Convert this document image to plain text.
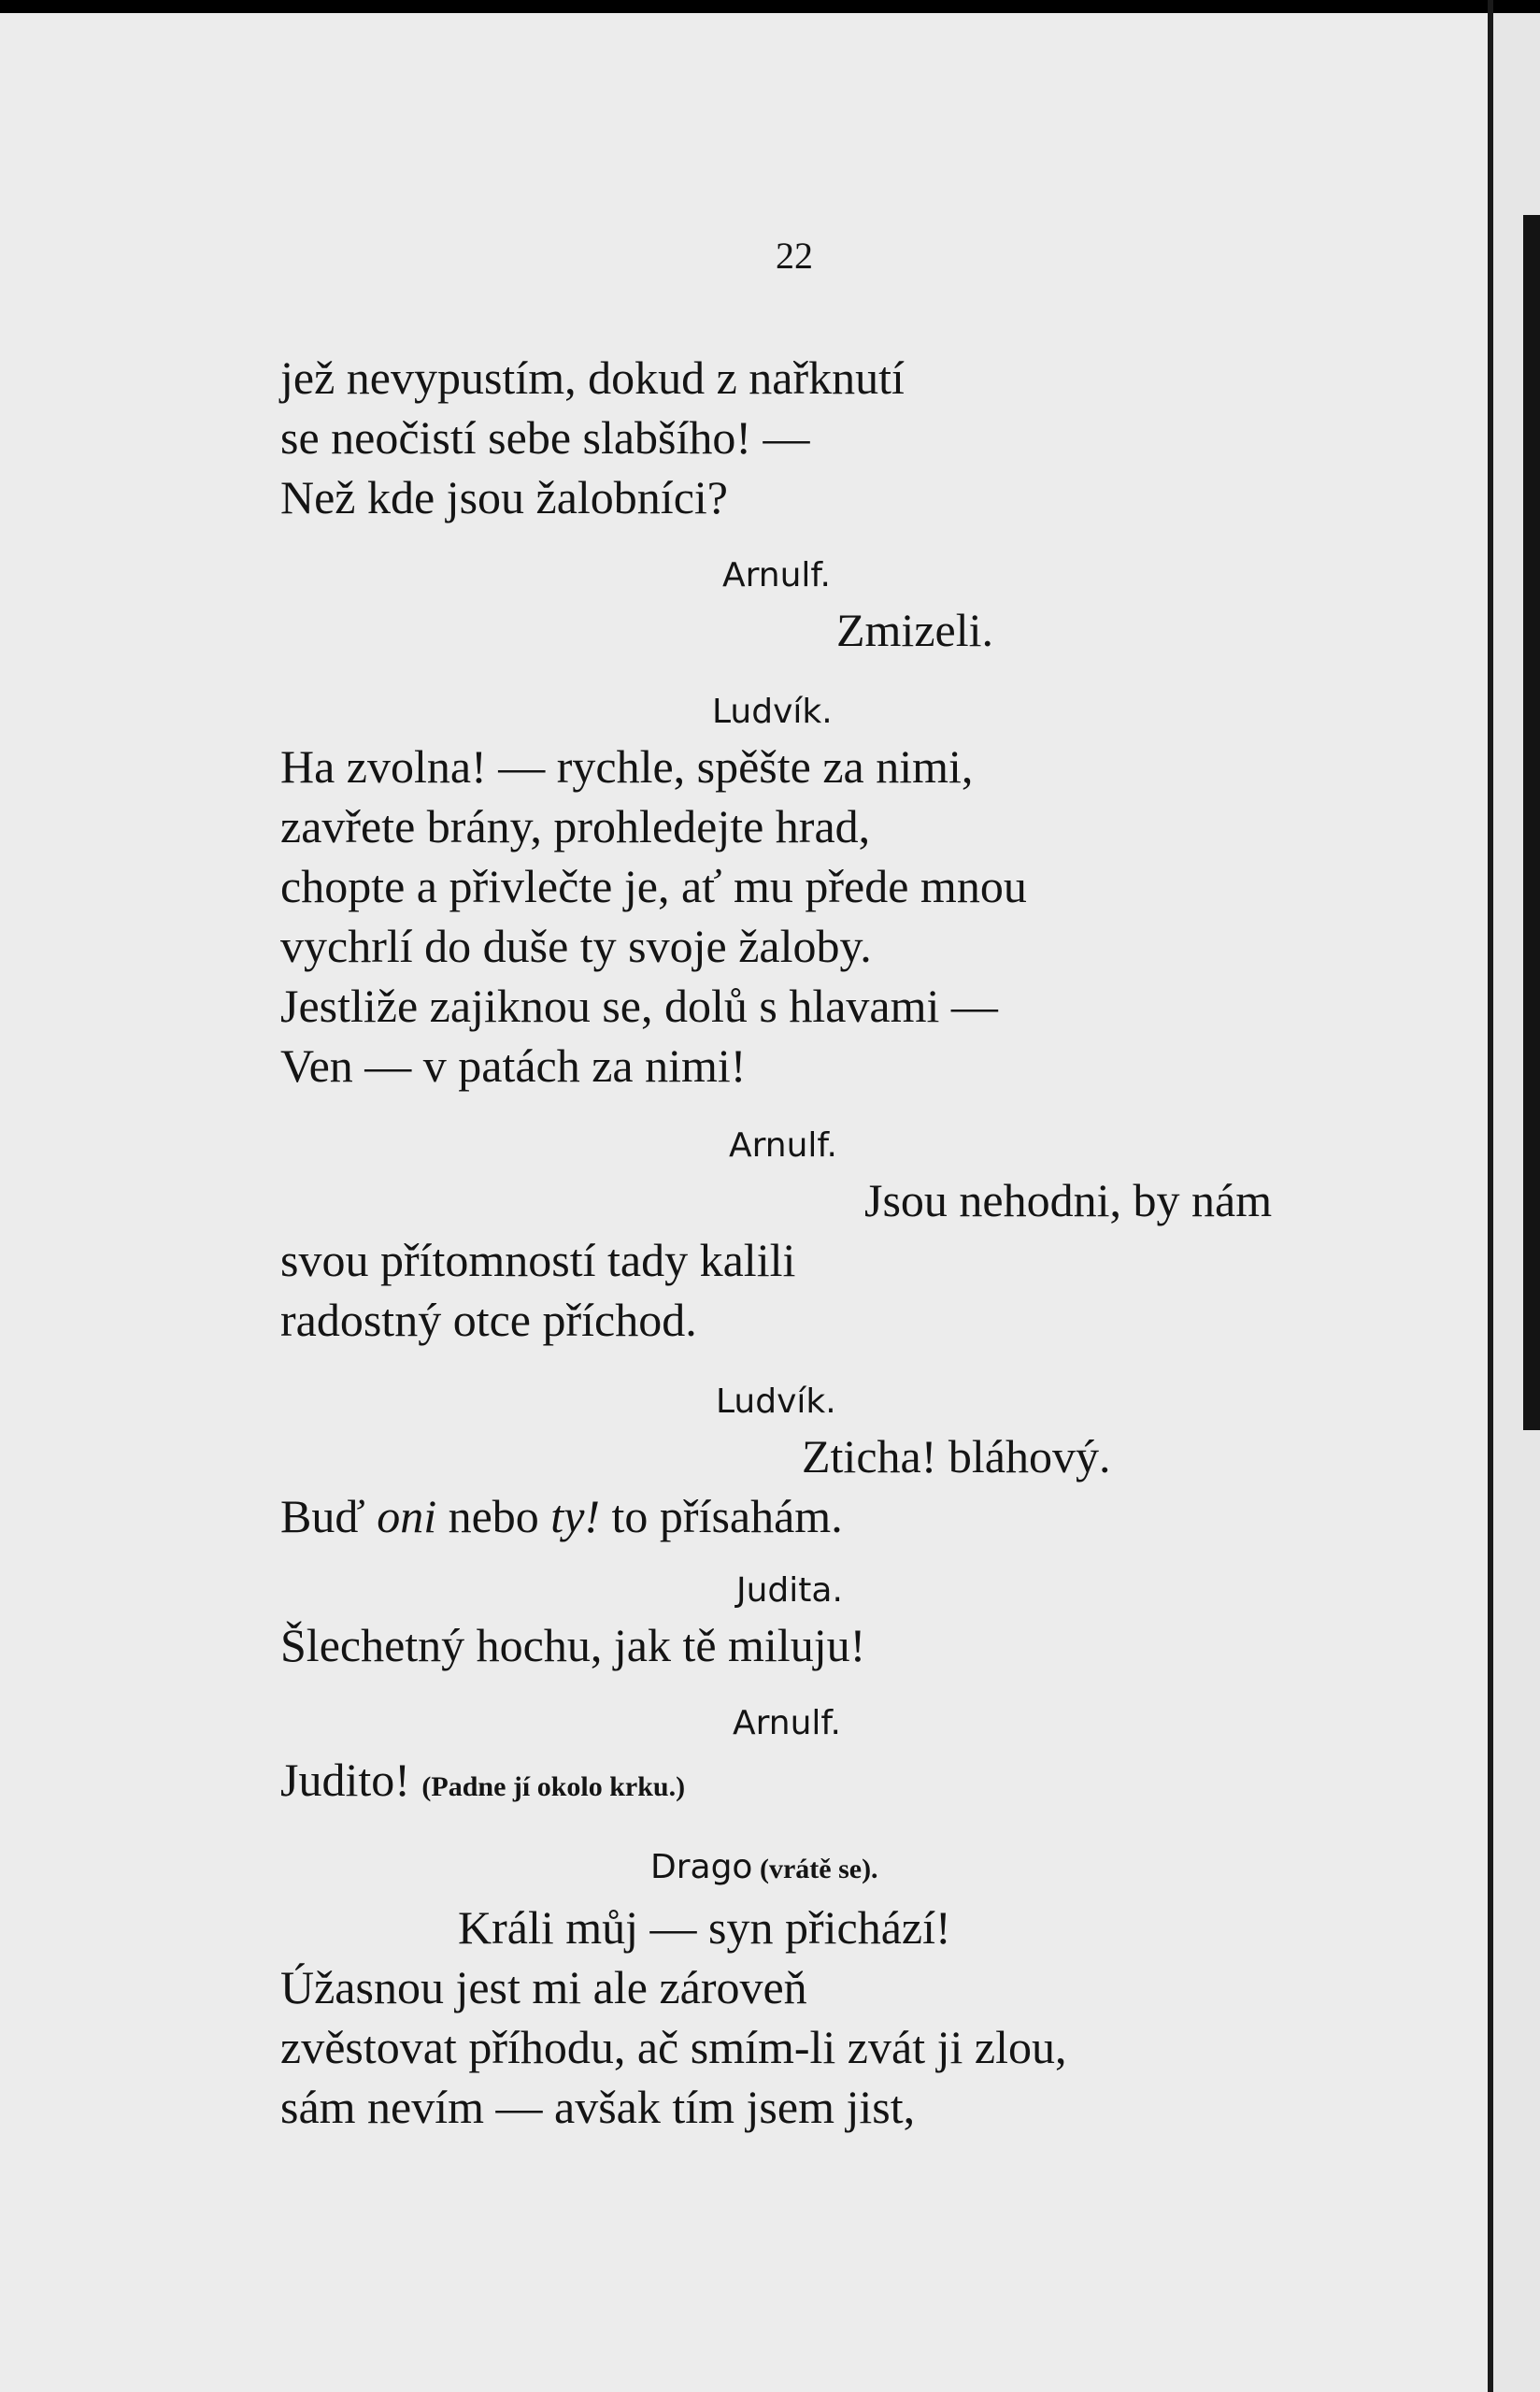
22
jež nevypustím, dokud z nařknutí
se neočistí sebe slabšího! —
Než kde jsou žalobníci?
Arnulf.
Zmizeli.
Ludvík.
Ha zvolna! — rychle, spěšte za nimi,
zavřete brány, prohledejte hrad,
chopte a přivlečte je, ať mu přede mnou
vychrlí do duše ty svoje žaloby.
Jestliže zajiknou se, dolů s hlavami —
Ven — v patách za nimi!
Arnulf.
Jsou nehodni, by nám
svou přítomností tady kalili
radostný otce příchod.
Ludvík.
Zticha! bláhový.
Buď oni nebo ty! to přísahám.
Judita.
Šlechetný hochu, jak tě miluju!
Arnulf.
Judito! (Padne jí okolo krku.)
Drago (vrátě se).
Králi můj — syn přichází!
Úžasnou jest mi ale zároveň
zvěstovat příhodu, ač smím-li zvát ji zlou,
sám nevím — avšak tím jsem jist,
